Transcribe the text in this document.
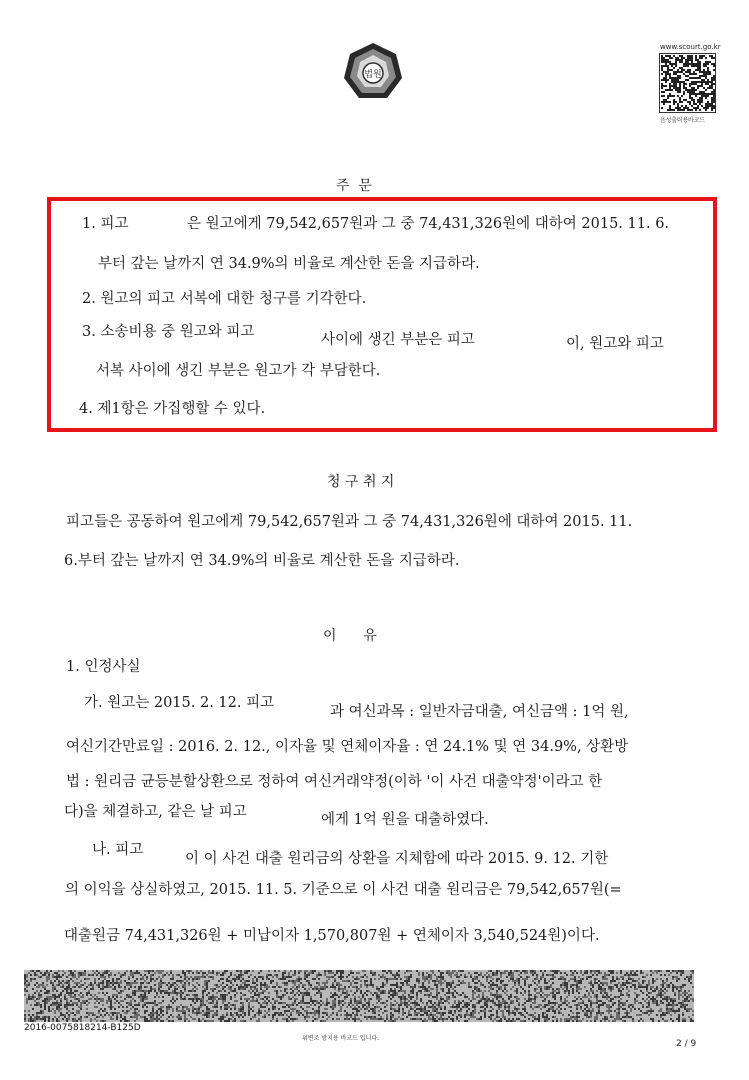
법원
www.scourt.go.kr
음성출력용바코드
주  문
1. 피고	은 원고에게 79,542,657원과 그 중 74,431,326원에 대하여 2015. 11. 6.
부터 갚는 날까지 연 34.9%의 비율로 계산한 돈을 지급하라.
2. 원고의 피고 서복에 대한 청구를 기각한다.
3. 소송비용 중 원고와 피고	사이에 생긴 부분은 피고	이, 원고와 피고
서복 사이에 생긴 부분은 원고가 각 부담한다.
4. 제1항은 가집행할 수 있다.
청 구 취 지
피고들은 공동하여 원고에게 79,542,657원과 그 중 74,431,326원에 대하여 2015. 11.
6.부터 갚는 날까지 연 34.9%의 비율로 계산한 돈을 지급하라.
이  유
1. 인정사실
가. 원고는 2015. 2. 12. 피고
과 여신과목 : 일반자금대출, 여신금액 : 1억 원,
여신기간만료일 : 2016. 2. 12., 이자율 및 연체이자율 : 연 24.1% 및 연 34.9%, 상환방
법 : 원리금 균등분할상환으로 정하여 여신거래약정(이하 '이 사건 대출약정'이라고 한
다)을 체결하고, 같은 날 피고	에게 1억 원을 대출하였다.
나. 피고
이 이 사건 대출 원리금의 상환을 지체함에 따라 2015. 9. 12. 기한
의 이익을 상실하였고, 2015. 11. 5. 기준으로 이 사건 대출 원리금은 79,542,657원(=
대출원금 74,431,326원 + 미납이자 1,570,807원 + 연체이자 3,540,524원)이다.
2016-0075818214-B125D
위변조 방지용 바코드 입니다.
2 / 9
